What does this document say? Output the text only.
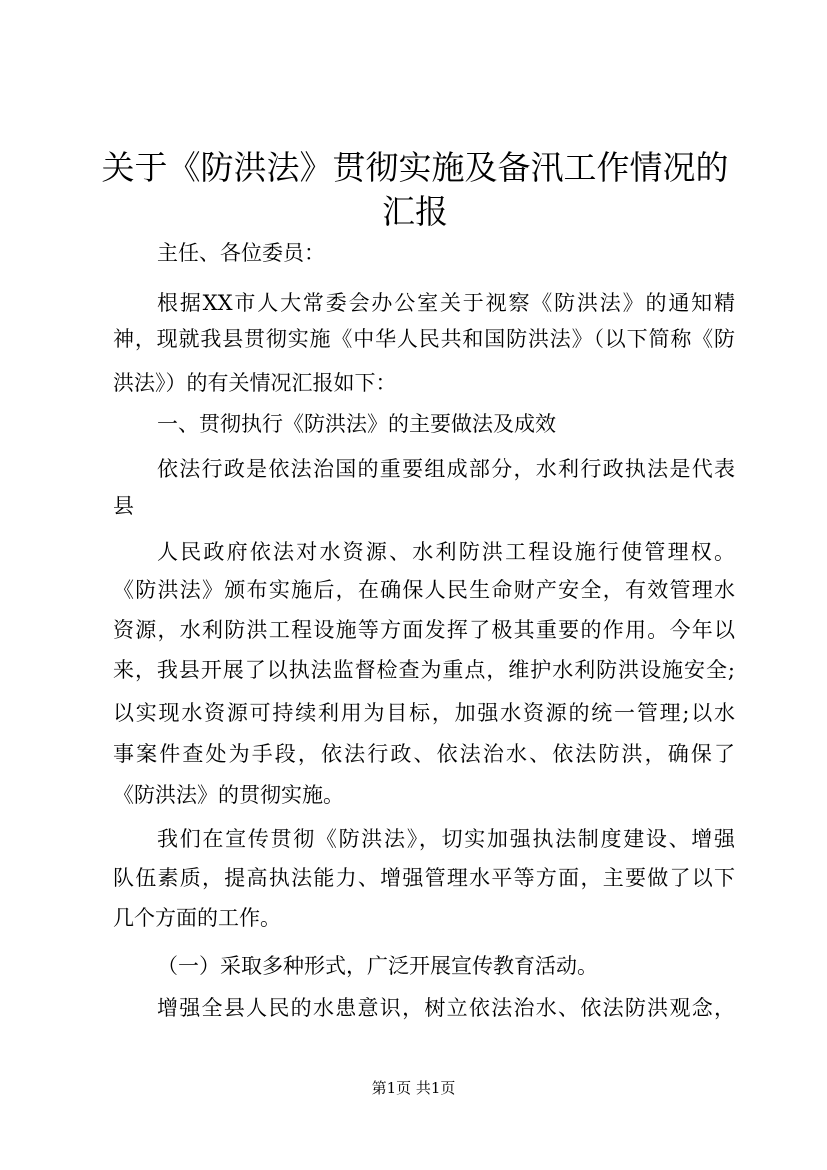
关于《防洪法》贯彻实施及备汛工作情况的汇报
主任、各位委员：
根据XX市人大常委会办公室关于视察《防洪法》的通知精
神，现就我县贯彻实施《中华人民共和国防洪法》（以下简称《防
洪法》）的有关情况汇报如下：
一、贯彻执行《防洪法》的主要做法及成效
依法行政是依法治国的重要组成部分，水利行政执法是代表
县
人民政府依法对水资源、水利防洪工程设施行使管理权。
《防洪法》颁布实施后，在确保人民生命财产安全，有效管理水
资源，水利防洪工程设施等方面发挥了极其重要的作用。今年以
来，我县开展了以执法监督检查为重点，维护水利防洪设施安全;
以实现水资源可持续利用为目标，加强水资源的统一管理;以水
事案件查处为手段，依法行政、依法治水、依法防洪，确保了
《防洪法》的贯彻实施。
我们在宣传贯彻《防洪法》，切实加强执法制度建设、增强
队伍素质，提高执法能力、增强管理水平等方面，主要做了以下
几个方面的工作。
（一）采取多种形式，广泛开展宣传教育活动。
增强全县人民的水患意识，树立依法治水、依法防洪观念，
第1页 共1页
